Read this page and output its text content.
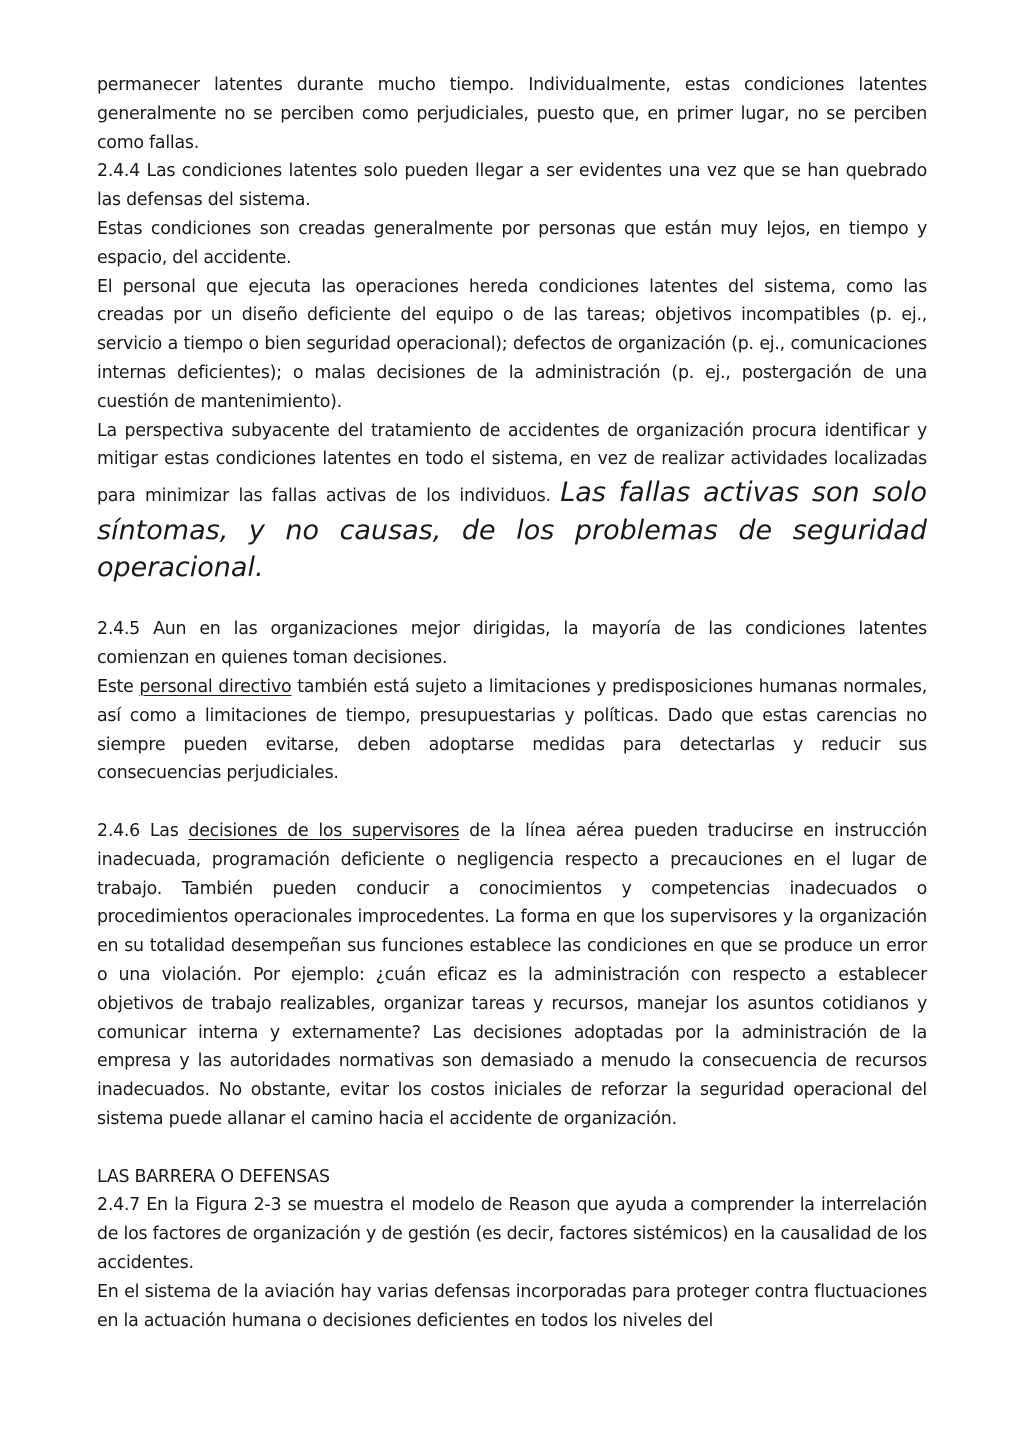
permanecer latentes durante mucho tiempo. Individualmente, estas condiciones latentes generalmente no se perciben como perjudiciales, puesto que, en primer lugar, no se perciben como fallas.

2.4.4 Las condiciones latentes solo pueden llegar a ser evidentes una vez que se han quebrado las defensas del sistema.

Estas condiciones son creadas generalmente por personas que están muy lejos, en tiempo y espacio, del accidente.

El personal que ejecuta las operaciones hereda condiciones latentes del sistema, como las creadas por un diseño deficiente del equipo o de las tareas; objetivos incompatibles (p. ej., servicio a tiempo o bien seguridad operacional); defectos de organización (p. ej., comunicaciones internas deficientes); o malas decisiones de la administración (p. ej., postergación de una cuestión de mantenimiento).

La perspectiva subyacente del tratamiento de accidentes de organización procura identificar y mitigar estas condiciones latentes en todo el sistema, en vez de realizar actividades localizadas para minimizar las fallas activas de los individuos. Las fallas activas son solo síntomas, y no causas, de los problemas de seguridad operacional.

2.4.5 Aun en las organizaciones mejor dirigidas, la mayoría de las condiciones latentes comienzan en quienes toman decisiones.

Este personal directivo también está sujeto a limitaciones y predisposiciones humanas normales, así como a limitaciones de tiempo, presupuestarias y políticas. Dado que estas carencias no siempre pueden evitarse, deben adoptarse medidas para detectarlas y reducir sus consecuencias perjudiciales.

2.4.6 Las decisiones de los supervisores de la línea aérea pueden traducirse en instrucción inadecuada, programación deficiente o negligencia respecto a precauciones en el lugar de trabajo. También pueden conducir a conocimientos y competencias inadecuados o procedimientos operacionales improcedentes. La forma en que los supervisores y la organización en su totalidad desempeñan sus funciones establece las condiciones en que se produce un error o una violación. Por ejemplo: ¿cuán eficaz es la administración con respecto a establecer objetivos de trabajo realizables, organizar tareas y recursos, manejar los asuntos cotidianos y comunicar interna y externamente? Las decisiones adoptadas por la administración de la empresa y las autoridades normativas son demasiado a menudo la consecuencia de recursos inadecuados. No obstante, evitar los costos iniciales de reforzar la seguridad operacional del sistema puede allanar el camino hacia el accidente de organización.

LAS BARRERA O DEFENSAS

2.4.7 En la Figura 2-3 se muestra el modelo de Reason que ayuda a comprender la interrelación de los factores de organización y de gestión (es decir, factores sistémicos) en la causalidad de los accidentes.

En el sistema de la aviación hay varias defensas incorporadas para proteger contra fluctuaciones en la actuación humana o decisiones deficientes en todos los niveles del
